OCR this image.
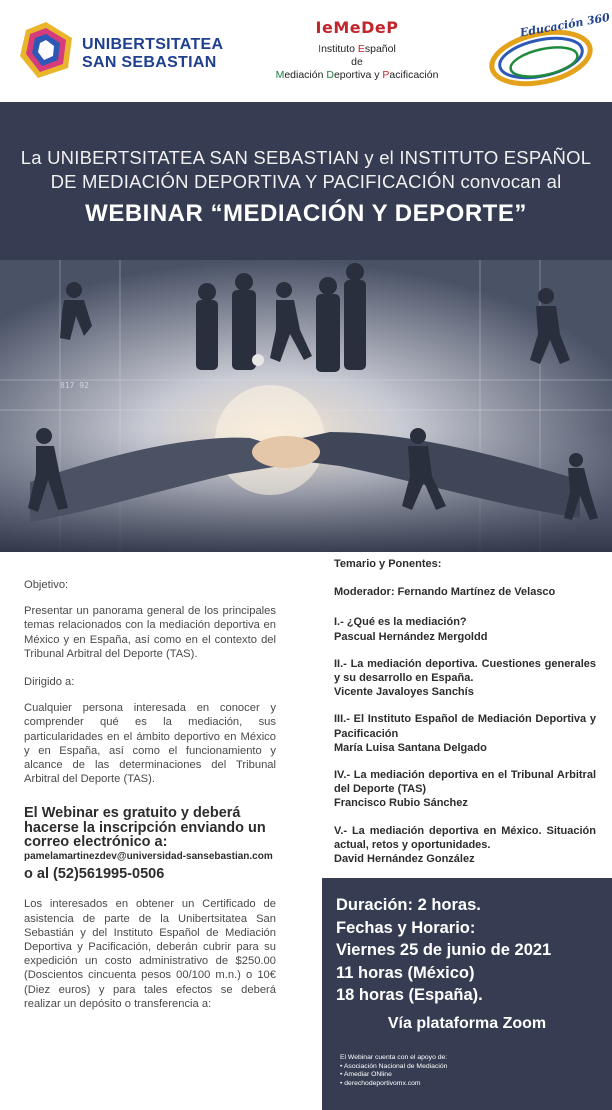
UNIBERTSITATEA
SAN SEBASTIAN
IeMeDeP
Instituto Español
de
Mediación Deportiva y Pacificación
Educación 360
La UNIBERTSITATEA SAN SEBASTIAN y el INSTITUTO ESPAÑOL
DE MEDIACIÓN DEPORTIVA Y PACIFICACIÓN convocan al
WEBINAR “MEDIACIÓN Y DEPORTE”
817 92

Objetivo:

Presentar un panorama general de los principales temas relacionados con la mediación deportiva en México y en España, así como en el contexto del Tribunal Arbitral del Deporte (TAS).

Dirigido a:

Cualquier persona interesada en conocer y comprender qué es la mediación, sus particularidades en el ámbito deportivo en México y en España, así como el funcionamiento y alcance de las determinaciones del Tribunal Arbitral del Deporte (TAS).

El Webinar es gratuito y deberá hacerse la inscripción enviando un correo electrónico a:

pamelamartinezdev@universidad-sansebastian.com

o al (52)561995-0506

Los interesados en obtener un Certificado de asistencia de parte de la Unibertsitatea San Sebastián y del Instituto Español de Mediación Deportiva y Pacificación, deberán cubrir para su expedición un costo administrativo de $250.00 (Doscientos cincuenta pesos 00/100 m.n.) o 10€ (Diez euros) y para tales efectos se deberá realizar un depósito o transferencia a:

Temario y Ponentes:
Moderador: Fernando Martínez de Velasco
I.- ¿Qué es la mediación?
Pascual Hernández Mergoldd
II.- La mediación deportiva. Cuestiones generales y su desarrollo en España.
Vicente Javaloyes Sanchís
III.- El Instituto Español de Mediación Deportiva y Pacificación
María Luisa Santana Delgado
IV.- La mediación deportiva en el Tribunal Arbitral del Deporte (TAS)
Francisco Rubio Sánchez
V.- La mediación deportiva en México. Situación actual, retos y oportunidades.
David Hernández González
Duración: 2 horas.
Fechas y Horario:
Viernes 25 de junio de 2021
11 horas (México)
18 horas (España).
Vía plataforma Zoom
El Webinar cuenta con el apoyo de:
• Asociación Nacional de Mediación
• Amediar ONline
• derechodeportivomx.com
